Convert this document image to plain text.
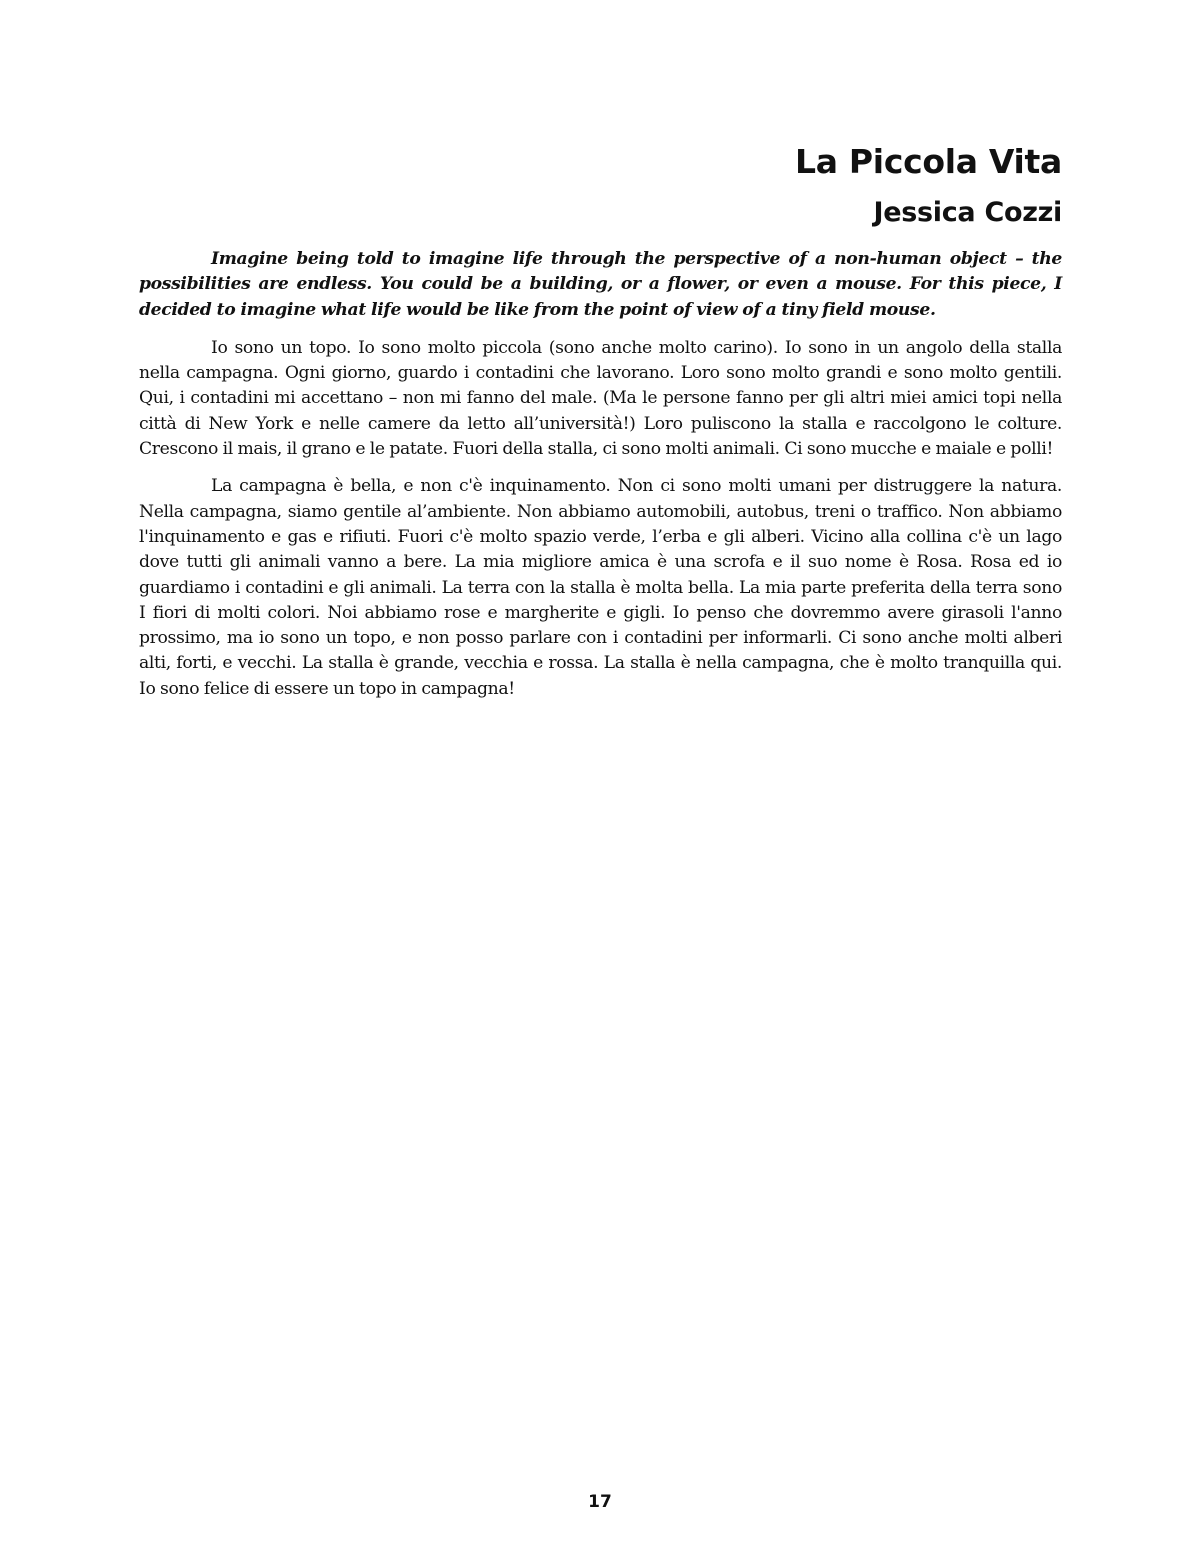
La Piccola Vita
Jessica Cozzi

Imagine being told to imagine life through the perspective of a non-human object – the possibilities are endless. You could be a building, or a flower, or even a mouse. For this piece, I decided to imagine what life would be like from the point of view of a tiny field mouse.

Io sono un topo. Io sono molto piccola (sono anche molto carino). Io sono in un angolo della stalla nella campagna. Ogni giorno, guardo i contadini che lavorano. Loro sono molto grandi e sono molto gentili. Qui, i contadini mi accettano – non mi fanno del male. (Ma le persone fanno per gli altri miei amici topi nella città di New York e nelle camere da letto all’università!) Loro puliscono la stalla e raccolgono le colture. Crescono il mais, il grano e le patate. Fuori della stalla, ci sono molti animali. Ci sono mucche e maiale e polli!

La campagna è bella, e non c'è inquinamento. Non ci sono molti umani per distruggere la natura. Nella campagna, siamo gentile al’ambiente. Non abbiamo automobili, autobus, treni o traffico. Non abbiamo l'inquinamento e gas e rifiuti. Fuori c'è molto spazio verde, l’erba e gli alberi. Vicino alla collina c'è un lago dove tutti gli animali vanno a bere. La mia migliore amica è una scrofa e il suo nome è Rosa. Rosa ed io guardiamo i contadini e gli animali. La terra con la stalla è molta bella. La mia parte preferita della terra sono I fiori di molti colori. Noi abbiamo rose e margherite e gigli. Io penso che dovremmo avere girasoli l'anno prossimo, ma io sono un topo, e non posso parlare con i contadini per informarli. Ci sono anche molti alberi alti, forti, e vecchi. La stalla è grande, vecchia e rossa. La stalla è nella campagna, che è molto tranquilla qui. Io sono felice di essere un topo in campagna!

17
